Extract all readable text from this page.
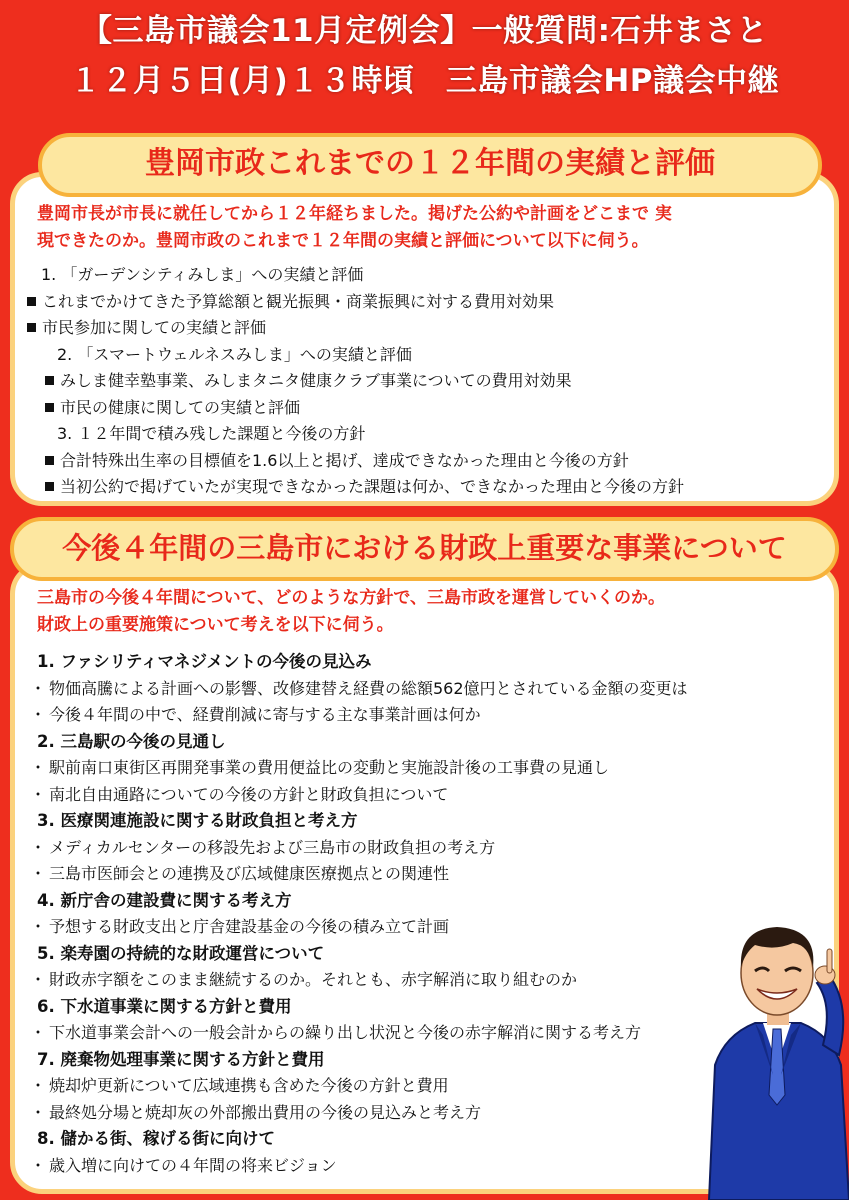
【三島市議会11月定例会】一般質問:石井まさと
１２月５日(月)１３時頃　三島市議会HP議会中継
豊岡市長が市長に就任してから１２年経ちました。掲げた公約や計画をどこまで 実
現できたのか。豊岡市政のこれまで１２年間の実績と評価について以下に伺う。
1. 「ガーデンシティみしま」への実績と評価
これまでかけてきた予算総額と観光振興・商業振興に対する費用対効果
市民参加に関しての実績と評価
　2. 「スマートウェルネスみしま」への実績と評価
みしま健幸塾事業、みしまタニタ健康クラブ事業についての費用対効果
市民の健康に関しての実績と評価
　3. １２年間で積み残した課題と今後の方針
合計特殊出生率の目標値を1.6以上と掲げ、達成できなかった理由と今後の方針
当初公約で掲げていたが実現できなかった課題は何か、できなかった理由と今後の方針
豊岡市政これまでの１２年間の実績と評価
三島市の今後４年間について、どのような方針で、三島市政を運営していくのか。
財政上の重要施策について考えを以下に伺う。
1. ファシリティマネジメントの今後の見込み
・ 物価高騰による計画への影響、改修建替え経費の総額562億円とされている金額の変更は
・ 今後４年間の中で、経費削減に寄与する主な事業計画は何か
2. 三島駅の今後の見通し
・ 駅前南口東街区再開発事業の費用便益比の変動と実施設計後の工事費の見通し
・ 南北自由通路についての今後の方針と財政負担について
3. 医療関連施設に関する財政負担と考え方
・ メディカルセンターの移設先および三島市の財政負担の考え方
・ 三島市医師会との連携及び広域健康医療拠点との関連性
4. 新庁舎の建設費に関する考え方
・ 予想する財政支出と庁舎建設基金の今後の積み立て計画
5. 楽寿園の持続的な財政運営について
・ 財政赤字額をこのまま継続するのか。それとも、赤字解消に取り組むのか
6. 下水道事業に関する方針と費用
・ 下水道事業会計への一般会計からの繰り出し状況と今後の赤字解消に関する考え方
7. 廃棄物処理事業に関する方針と費用
・ 焼却炉更新について広域連携も含めた今後の方針と費用
・ 最終処分場と焼却灰の外部搬出費用の今後の見込みと考え方
8. 儲かる街、稼げる街に向けて
・ 歳入増に向けての４年間の将来ビジョン
今後４年間の三島市における財政上重要な事業について
